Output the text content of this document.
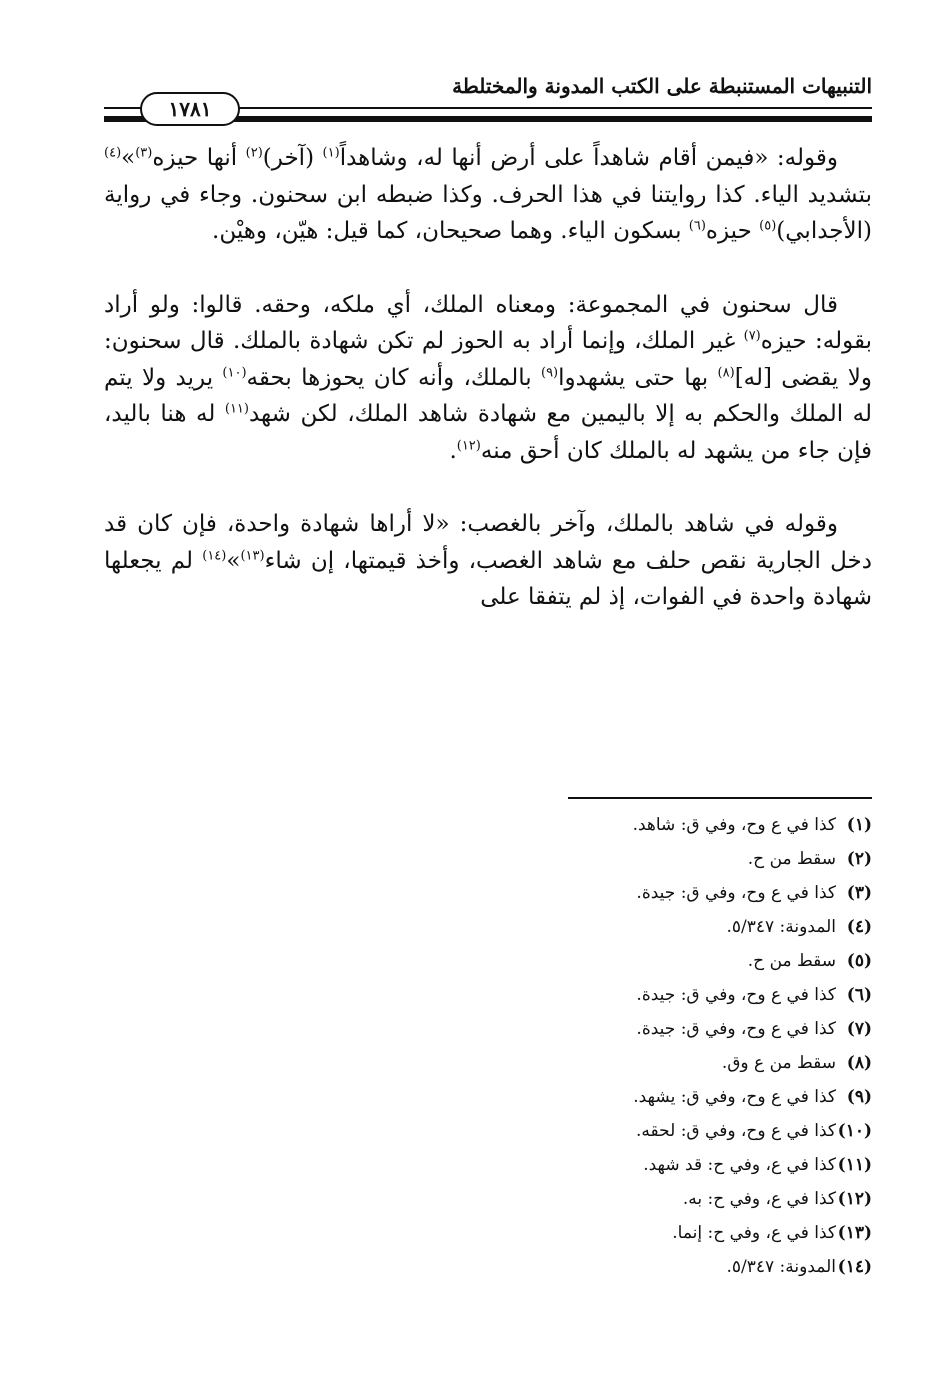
التنبيهات المستنبطة على الكتب المدونة والمختلطة
١٧٨١

وقوله: «فيمن أقام شاهداً على أرض أنها له، وشاهداً$^{(١)}$ (آخر)$^{(٢)}$ أنها حيزه$^{(٣)}$»$^{(٤)}$ بتشديد الياء. كذا روايتنا في هذا الحرف. وكذا ضبطه ابن سحنون. وجاء في رواية (الأجدابي)$^{(٥)}$ حيزه$^{(٦)}$ بسكون الياء. وهما صحيحان، كما قيل: هيّن، وهيْن.

قال سحنون في المجموعة: ومعناه الملك، أي ملكه، وحقه. قالوا: ولو أراد بقوله: حيزه$^{(٧)}$ غير الملك، وإنما أراد به الحوز لم تكن شهادة بالملك. قال سحنون: ولا يقضى [له]$^{(٨)}$ بها حتى يشهدوا$^{(٩)}$ بالملك، وأنه كان يحوزها بحقه$^{(١٠)}$ يريد ولا يتم له الملك والحكم به إلا باليمين مع شهادة شاهد الملك، لكن شهد$^{(١١)}$ له هنا باليد، فإن جاء من يشهد له بالملك كان أحق منه$^{(١٢)}$.

وقوله في شاهد بالملك، وآخر بالغصب: «لا أراها شهادة واحدة، فإن كان قد دخل الجارية نقص حلف مع شاهد الغصب، وأخذ قيمتها، إن شاء$^{(١٣)}$»$^{(١٤)}$ لم يجعلها شهادة واحدة في الفوات، إذ لم يتفقا على

(١)كذا في ع وح، وفي ق: شاهد.
(٢)سقط من ح.
(٣)كذا في ع وح، وفي ق: جيدة.
(٤)المدونة: ٥/٣٤٧.
(٥)سقط من ح.
(٦)كذا في ع وح، وفي ق: جيدة.
(٧)كذا في ع وح، وفي ق: جيدة.
(٨)سقط من ع وق.
(٩)كذا في ع وح، وفي ق: يشهد.
(١٠)كذا في ع وح، وفي ق: لحقه.
(١١)كذا في ع، وفي ح: قد شهد.
(١٢)كذا في ع، وفي ح: به.
(١٣)كذا في ع، وفي ح: إنما.
(١٤)المدونة: ٥/٣٤٧.
